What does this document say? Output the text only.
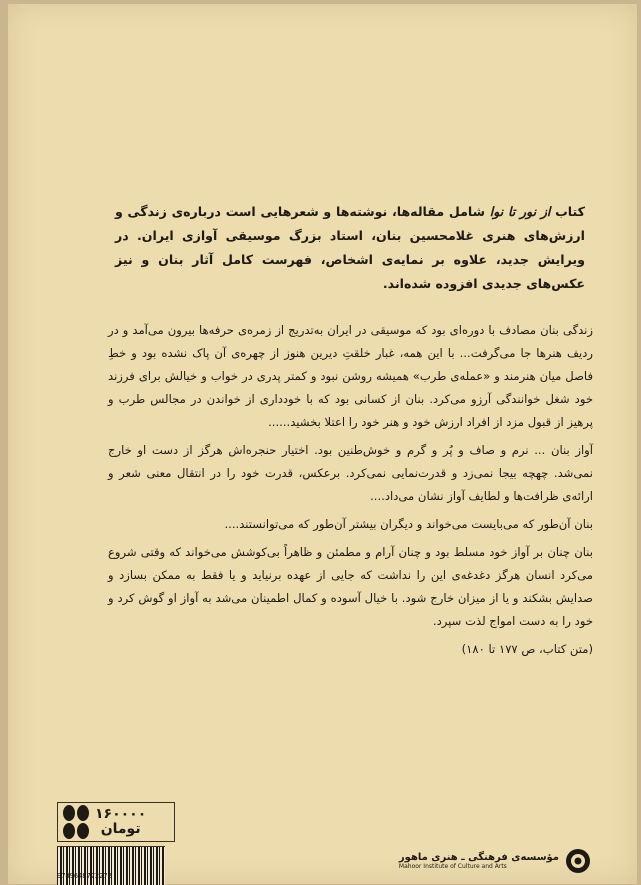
کتاب از نور تا نوا شامل مقاله‌ها، نوشته‌ها و شعرهایی است درباره‌ی زندگی و ارزش‌های هنری غلامحسین بنان، استاد بزرگ موسیقی آوازی ایران. در ویرایش جدید، علاوه بر نمایه‌ی اشخاص، فهرست کامل آثار بنان و نیز عکس‌های جدیدی افزوده شده‌اند.

زندگی بنان مصادف با دوره‌ای بود که موسیقی در ایران به‌تدریج از زمره‌ی حرفه‌ها بیرون می‌آمد و در ردیف هنرها جا می‌گرفت... با این همه، غبار خلقتِ دیرین هنوز از چهره‌ی آن پاک نشده بود و خطِ فاصل میان هنرمند و «عمله‌ی طرب» همیشه روشن نبود و کمتر پدری در خواب و خیالش برای فرزند خود شغل خوانندگی آرزو می‌کرد. بنان از کسانی بود که با خودداری از خواندن در مجالس طرب و پرهیز از قبول مزد از افراد ارزش خود و هنر خود را اعتلا بخشید......

آواز بنان ... نرم و صاف و پُر و گرم و خوش‌طنین بود. اختیار حنجره‌اش هرگز از دست او خارج نمی‌شد. چهچه بیجا نمی‌زد و قدرت‌نمایی نمی‌کرد. برعکس، قدرت خود را در انتقال معنی شعر و ارائه‌ی ظرافت‌ها و لطایف آواز نشان می‌داد....

بنان آن‌طور که می‌بایست می‌خواند و دیگران بیشتر آن‌طور که می‌توانستند....

بنان چنان بر آواز خود مسلط بود و چنان آرام و مطمئن و ظاهراً بی‌کوشش می‌خواند که وقتی شروع می‌کرد انسان هرگز دغدغه‌ی این را نداشت که جایی از عهده برنیاید و یا فقط به ممکن بسازد و صدایش بشکند و یا از میزان خارج شود. با خیال آسوده و کمال اطمینان می‌شد به آواز او گوش کرد و خود را به دست امواج لذت سپرد.

(متن کتاب، ص ۱۷۷ تا ۱۸۰)

۱۶۰۰۰۰
تومان
9789648772272
مؤسسه‌ی فرهنگی ـ هنری ماهور
Mahoor Institute of Culture and Arts
